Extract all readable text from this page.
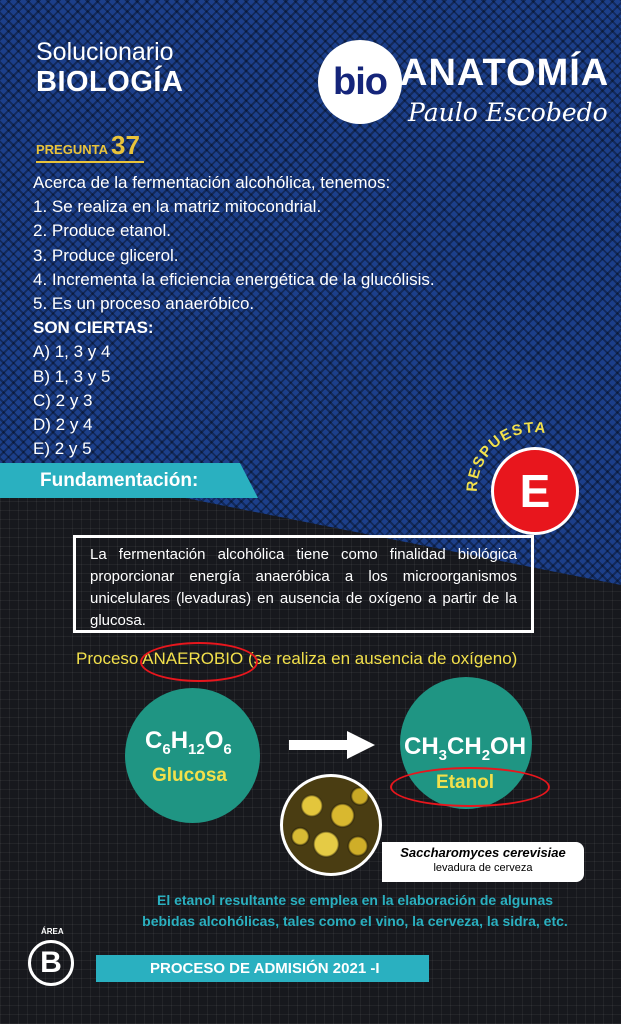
Solucionario
BIOLOGÍA	bio ANATOMÍA
Paulo Escobedo
PREGUNTA 37
Acerca de la fermentación alcohólica, tenemos:
1. Se realiza en la matriz mitocondrial.
2. Produce etanol.
3. Produce glicerol.
4. Incrementa la eficiencia energética de la glucólisis.
5. Es un proceso anaeróbico.
SON CIERTAS:
A) 1, 3 y 4
B) 1, 3 y 5
C) 2 y 3
D) 2 y 4
E) 2 y 5
Fundamentación:	RESPUESTA
E
La fermentación alcohólica tiene como finalidad biológica proporcionar energía anaeróbica a los microorganismos unicelulares (levaduras) en ausencia de oxígeno a partir de la glucosa.
Proceso ANAEROBIO (se realiza en ausencia de oxígeno)
$C_6H_{12}O_6$
Glucosa
$CH_3CH_2OH$
Etanol
Saccharomyces cerevisiae
levadura de cerveza
El etanol resultante se emplea en la elaboración de algunas
bebidas alcohólicas, tales como el vino, la cerveza, la sidra, etc.
ÁREA
B	PROCESO DE ADMISIÓN 2021 -I
